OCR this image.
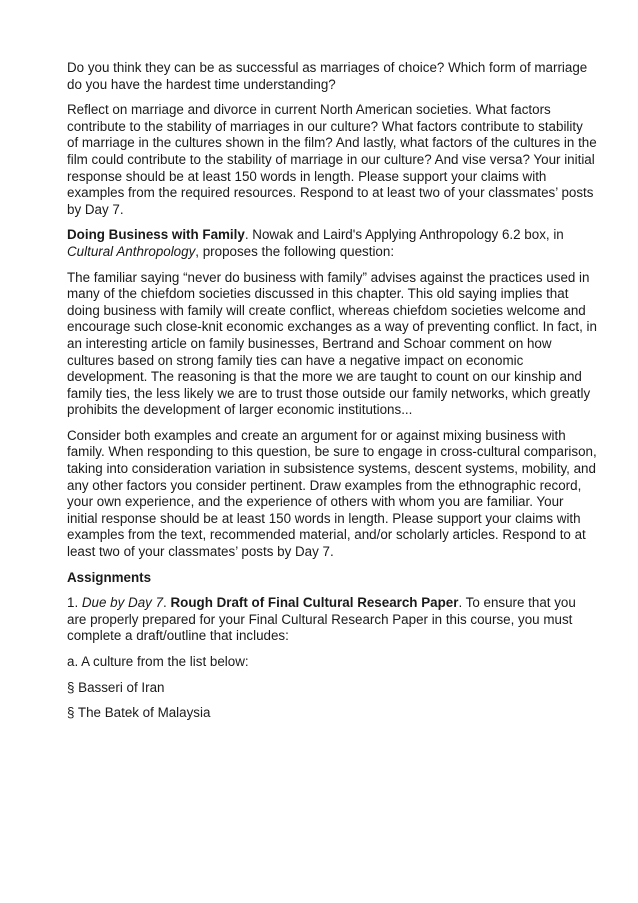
Do you think they can be as successful as marriages of choice? Which form of marriage do you have the hardest time understanding?

Reflect on marriage and divorce in current North American societies. What factors contribute to the stability of marriages in our culture? What factors contribute to stability of marriage in the cultures shown in the film? And lastly, what factors of the cultures in the film could contribute to the stability of marriage in our culture? And vise versa? Your initial response should be at least 150 words in length. Please support your claims with examples from the required resources. Respond to at least two of your classmates’ posts by Day 7.

Doing Business with Family. Nowak and Laird's Applying Anthropology 6.2 box, in Cultural Anthropology, proposes the following question:

The familiar saying “never do business with family” advises against the practices used in many of the chiefdom societies discussed in this chapter. This old saying implies that doing business with family will create conflict, whereas chiefdom societies welcome and encourage such close-knit economic exchanges as a way of preventing conflict. In fact, in an interesting article on family businesses, Bertrand and Schoar comment on how cultures based on strong family ties can have a negative impact on economic development. The reasoning is that the more we are taught to count on our kinship and family ties, the less likely we are to trust those outside our family networks, which greatly prohibits the development of larger economic institutions...

Consider both examples and create an argument for or against mixing business with family. When responding to this question, be sure to engage in cross-cultural comparison, taking into consideration variation in subsistence systems, descent systems, mobility, and any other factors you consider pertinent. Draw examples from the ethnographic record, your own experience, and the experience of others with whom you are familiar. Your initial response should be at least 150 words in length. Please support your claims with examples from the text, recommended material, and/or scholarly articles. Respond to at least two of your classmates’ posts by Day 7.

Assignments

1. Due by Day 7. Rough Draft of Final Cultural Research Paper. To ensure that you are properly prepared for your Final Cultural Research Paper in this course, you must complete a draft/outline that includes:

a. A culture from the list below:

§ Basseri of Iran

§ The Batek of Malaysia
